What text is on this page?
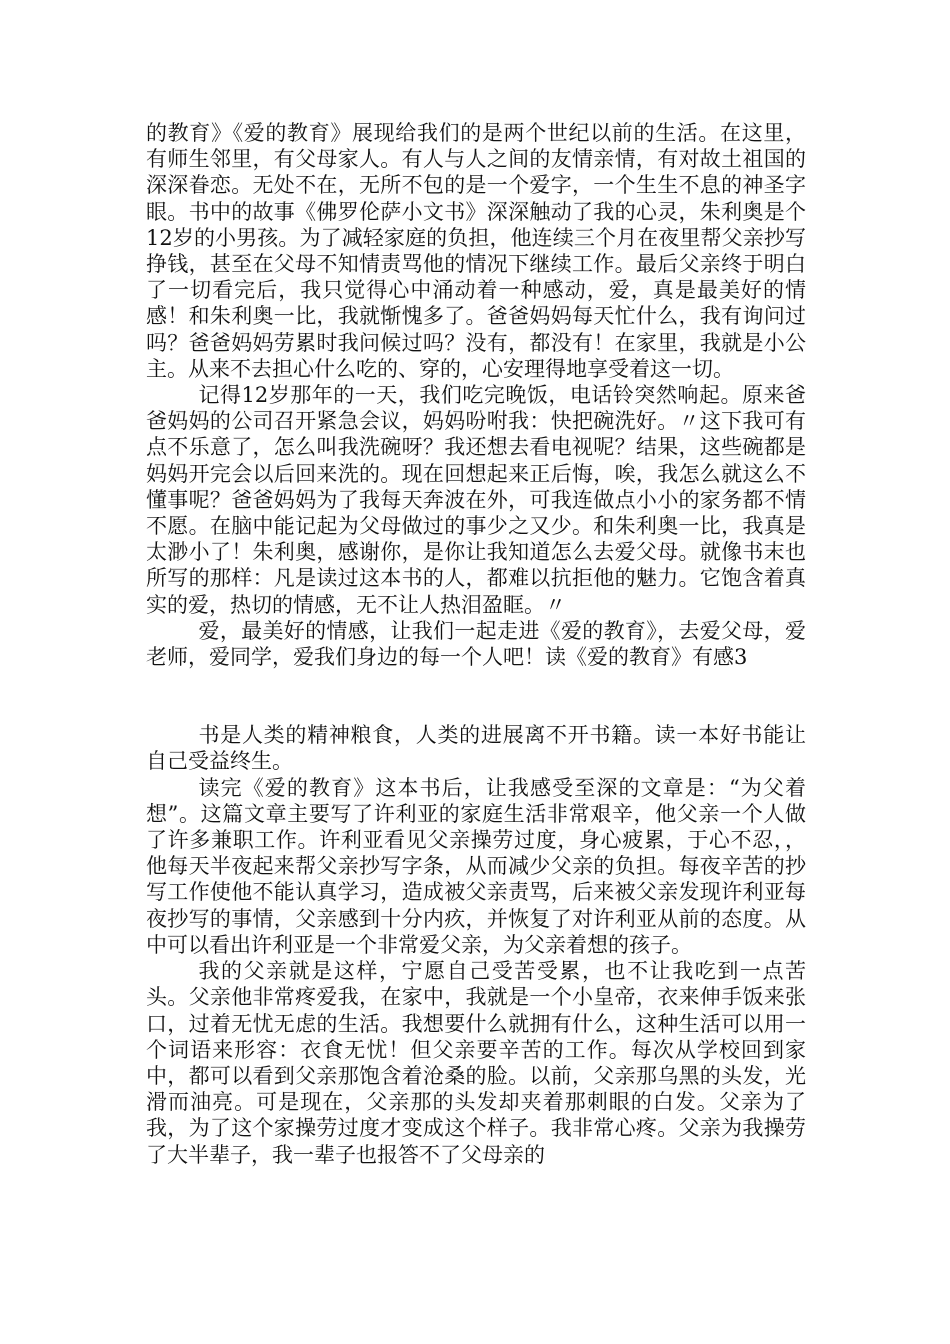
的教育》《爱的教育》展现给我们的是两个世纪以前的生活。在这里，有师生邻里，有父母家人。有人与人之间的友情亲情，有对故土祖国的深深眷恋。无处不在，无所不包的是一个爱字，一个生生不息的神圣字眼。书中的故事《佛罗伦萨小文书》深深触动了我的心灵，朱利奥是个12岁的小男孩。为了减轻家庭的负担，他连续三个月在夜里帮父亲抄写挣钱，甚至在父母不知情责骂他的情况下继续工作。最后父亲终于明白了一切看完后，我只觉得心中涌动着一种感动，爱，真是最美好的情感！和朱利奥一比，我就惭愧多了。爸爸妈妈每天忙什么，我有询问过吗？爸爸妈妈劳累时我问候过吗？没有，都没有！在家里，我就是小公主。从来不去担心什么吃的、穿的，心安理得地享受着这一切。

记得12岁那年的一天，我们吃完晚饭，电话铃突然响起。原来爸爸妈妈的公司召开紧急会议，妈妈吩咐我：快把碗洗好。〃这下我可有点不乐意了，怎么叫我洗碗呀？我还想去看电视呢？结果，这些碗都是妈妈开完会以后回来洗的。现在回想起来正后悔，唉，我怎么就这么不懂事呢？爸爸妈妈为了我每天奔波在外，可我连做点小小的家务都不情不愿。在脑中能记起为父母做过的事少之又少。和朱利奥一比，我真是太渺小了！朱利奥，感谢你，是你让我知道怎么去爱父母。就像书末也所写的那样：凡是读过这本书的人，都难以抗拒他的魅力。它饱含着真实的爱，热切的情感，无不让人热泪盈眶。〃

爱，最美好的情感，让我们一起走进《爱的教育》，去爱父母，爱老师，爱同学，爱我们身边的每一个人吧！读《爱的教育》有感3

书是人类的精神粮食，人类的进展离不开书籍。读一本好书能让自己受益终生。

读完《爱的教育》这本书后，让我感受至深的文章是：“为父着想”。这篇文章主要写了许利亚的家庭生活非常艰辛，他父亲一个人做了许多兼职工作。许利亚看见父亲操劳过度，身心疲累，于心不忍，，他每天半夜起来帮父亲抄写字条，从而减少父亲的负担。每夜辛苦的抄写工作使他不能认真学习，造成被父亲责骂，后来被父亲发现许利亚每夜抄写的事情，父亲感到十分内疚，并恢复了对许利亚从前的态度。从中可以看出许利亚是一个非常爱父亲，为父亲着想的孩子。

我的父亲就是这样，宁愿自己受苦受累，也不让我吃到一点苦头。父亲他非常疼爱我，在家中，我就是一个小皇帝，衣来伸手饭来张口，过着无忧无虑的生活。我想要什么就拥有什么，这种生活可以用一个词语来形容：衣食无忧！但父亲要辛苦的工作。每次从学校回到家中，都可以看到父亲那饱含着沧桑的脸。以前，父亲那乌黑的头发，光滑而油亮。可是现在，父亲那的头发却夹着那刺眼的白发。父亲为了我，为了这个家操劳过度才变成这个样子。我非常心疼。父亲为我操劳了大半辈子，我一辈子也报答不了父母亲的
